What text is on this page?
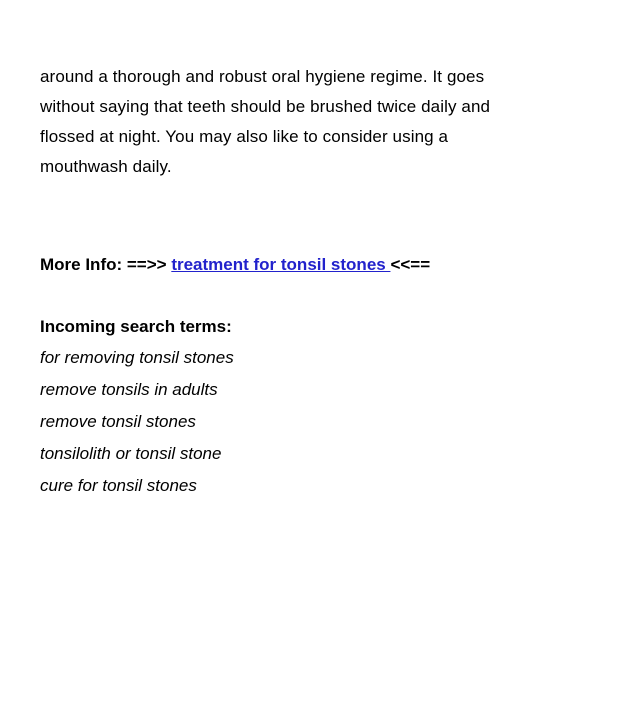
around a thorough and robust oral hygiene regime. It goes
without saying that teeth should be brushed twice daily and
flossed at night. You may also like to consider using a
mouthwash daily.
More Info: ==>> treatment for tonsil stones <<==
Incoming search terms:
for removing tonsil stones
remove tonsils in adults
remove tonsil stones
tonsilolith or tonsil stone
cure for tonsil stones
